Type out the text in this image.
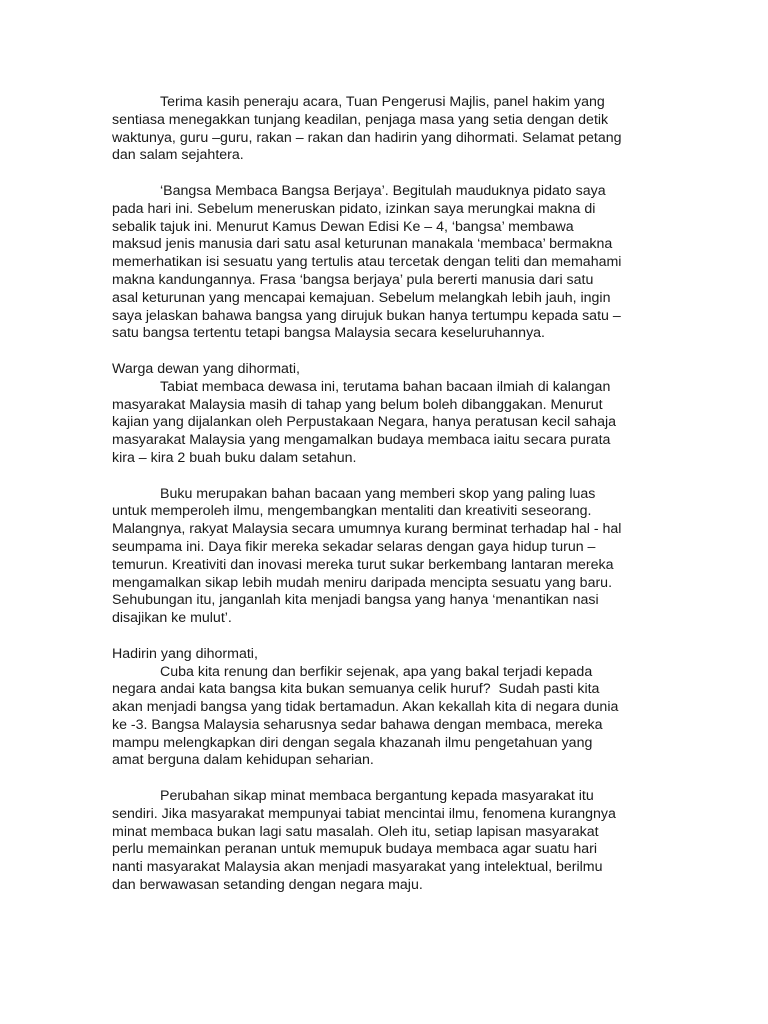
Terima kasih peneraju acara, Tuan Pengerusi Majlis, panel hakim yang
sentiasa menegakkan tunjang keadilan, penjaga masa yang setia dengan detik
waktunya, guru –guru, rakan – rakan dan hadirin yang dihormati. Selamat petang
dan salam sejahtera.
‘Bangsa Membaca Bangsa Berjaya’. Begitulah mauduknya pidato saya
pada hari ini. Sebelum meneruskan pidato, izinkan saya merungkai makna di
sebalik tajuk ini. Menurut Kamus Dewan Edisi Ke – 4, ‘bangsa’ membawa
maksud jenis manusia dari satu asal keturunan manakala ‘membaca’ bermakna
memerhatikan isi sesuatu yang tertulis atau tercetak dengan teliti dan memahami
makna kandungannya. Frasa ‘bangsa berjaya’ pula bererti manusia dari satu
asal keturunan yang mencapai kemajuan. Sebelum melangkah lebih jauh, ingin
saya jelaskan bahawa bangsa yang dirujuk bukan hanya tertumpu kepada satu –
satu bangsa tertentu tetapi bangsa Malaysia secara keseluruhannya.
Warga dewan yang dihormati,
Tabiat membaca dewasa ini, terutama bahan bacaan ilmiah di kalangan
masyarakat Malaysia masih di tahap yang belum boleh dibanggakan. Menurut
kajian yang dijalankan oleh Perpustakaan Negara, hanya peratusan kecil sahaja
masyarakat Malaysia yang mengamalkan budaya membaca iaitu secara purata
kira – kira 2 buah buku dalam setahun.
Buku merupakan bahan bacaan yang memberi skop yang paling luas
untuk memperoleh ilmu, mengembangkan mentaliti dan kreativiti seseorang.
Malangnya, rakyat Malaysia secara umumnya kurang berminat terhadap hal - hal
seumpama ini. Daya fikir mereka sekadar selaras dengan gaya hidup turun –
temurun. Kreativiti dan inovasi mereka turut sukar berkembang lantaran mereka
mengamalkan sikap lebih mudah meniru daripada mencipta sesuatu yang baru.
Sehubungan itu, janganlah kita menjadi bangsa yang hanya ‘menantikan nasi
disajikan ke mulut’.
Hadirin yang dihormati,
Cuba kita renung dan berfikir sejenak, apa yang bakal terjadi kepada
negara andai kata bangsa kita bukan semuanya celik huruf?  Sudah pasti kita
akan menjadi bangsa yang tidak bertamadun. Akan kekallah kita di negara dunia
ke -3. Bangsa Malaysia seharusnya sedar bahawa dengan membaca, mereka
mampu melengkapkan diri dengan segala khazanah ilmu pengetahuan yang
amat berguna dalam kehidupan seharian.
Perubahan sikap minat membaca bergantung kepada masyarakat itu
sendiri. Jika masyarakat mempunyai tabiat mencintai ilmu, fenomena kurangnya
minat membaca bukan lagi satu masalah. Oleh itu, setiap lapisan masyarakat
perlu memainkan peranan untuk memupuk budaya membaca agar suatu hari
nanti masyarakat Malaysia akan menjadi masyarakat yang intelektual, berilmu
dan berwawasan setanding dengan negara maju.
